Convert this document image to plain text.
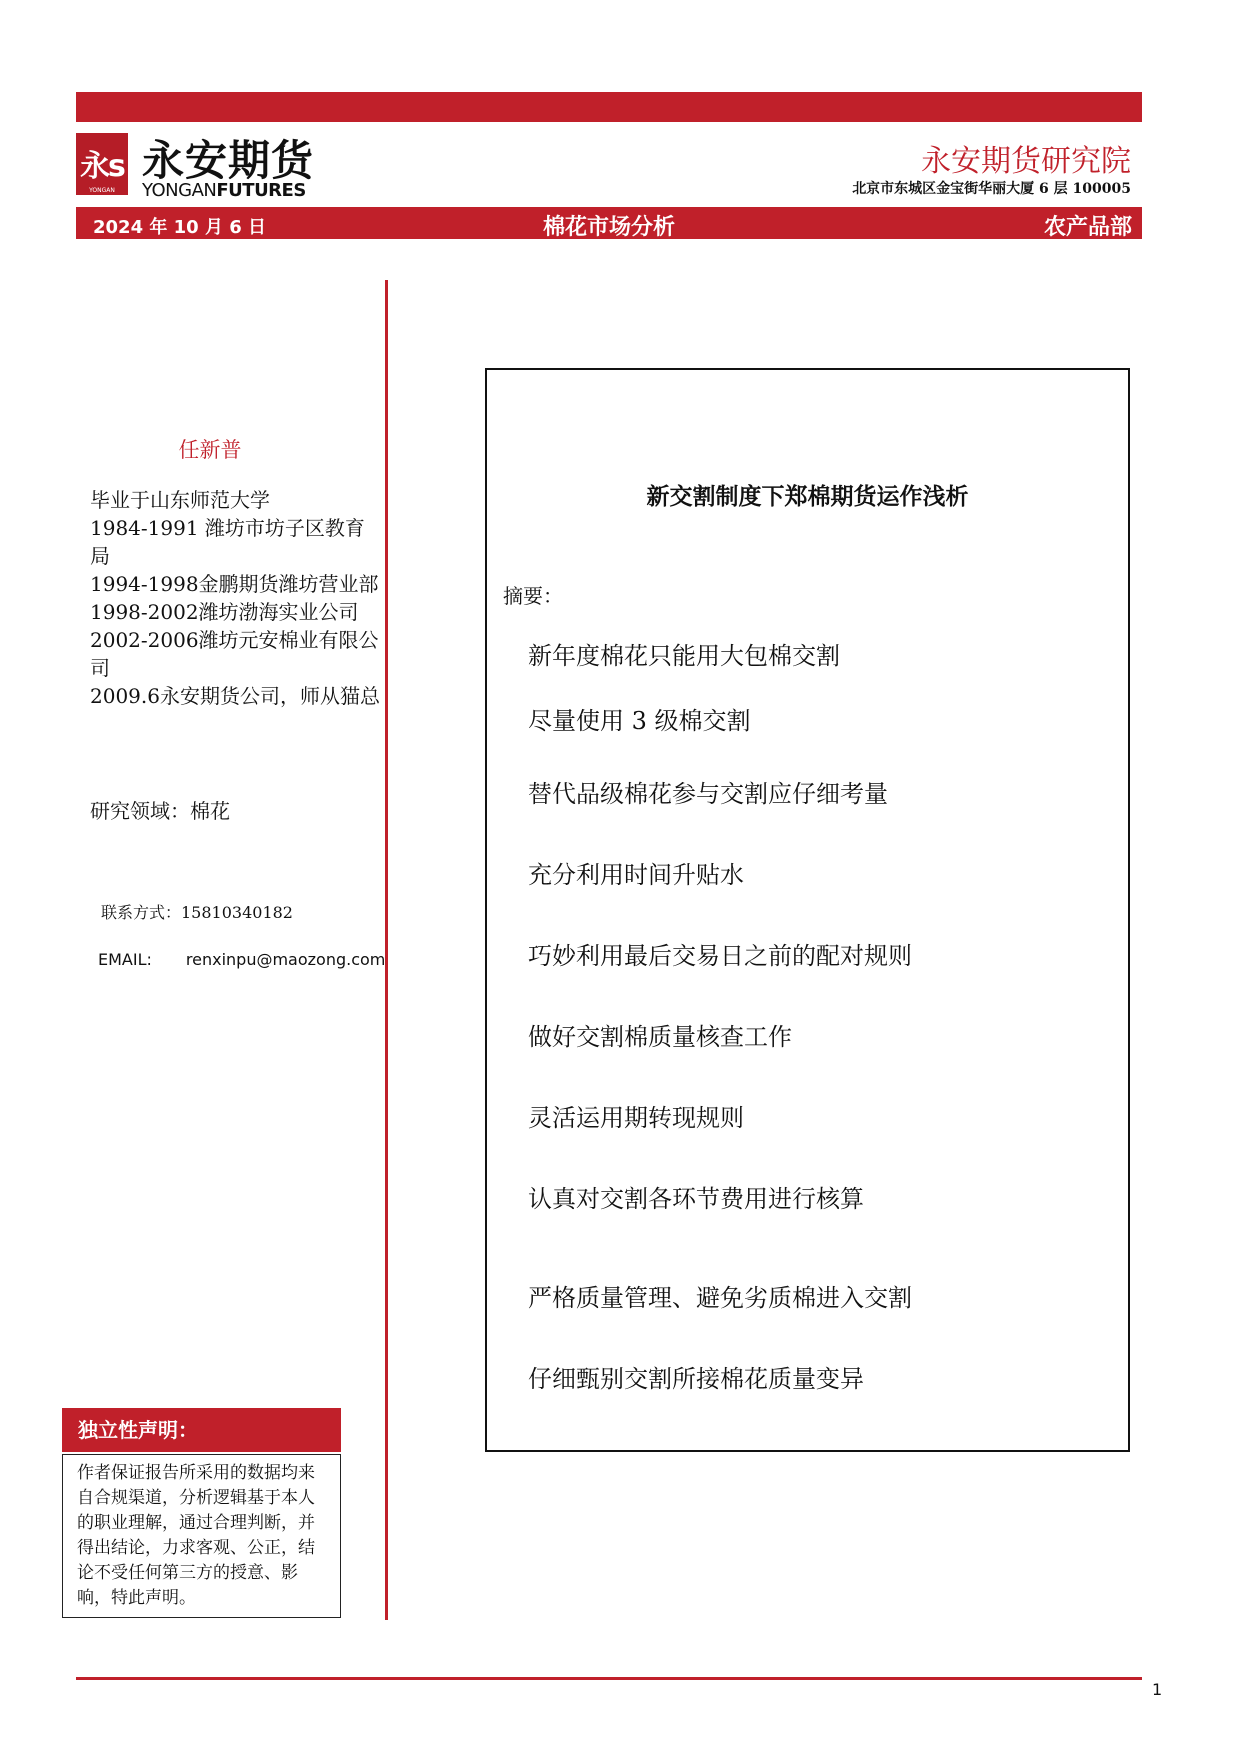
永s
YONGAN
永安期货
YONGANFUTURES
永安期货研究院
北京市东城区金宝街华丽大厦 6 层 100005
2024 年 10 月 6 日	棉花市场分析	农产品部
任新普
毕业于山东师范大学
1984-1991 潍坊市坊子区教育局
1994-1998金鹏期货潍坊营业部
1998-2002潍坊渤海实业公司
2002-2006潍坊元安棉业有限公司
2009.6永安期货公司，师从猫总
研究领域：棉花
联系方式：15810340182
EMAIL: renxinpu@maozong.com
独立性声明：
作者保证报告所采用的数据均来自合规渠道，分析逻辑基于本人的职业理解，通过合理判断，并得出结论，力求客观、公正，结论不受任何第三方的授意、影响，特此声明。
新交割制度下郑棉期货运作浅析
摘要：
新年度棉花只能用大包棉交割
尽量使用 3 级棉交割
替代品级棉花参与交割应仔细考量
充分利用时间升贴水
巧妙利用最后交易日之前的配对规则
做好交割棉质量核查工作
灵活运用期转现规则
认真对交割各环节费用进行核算
严格质量管理、避免劣质棉进入交割
仔细甄别交割所接棉花质量变异
1
